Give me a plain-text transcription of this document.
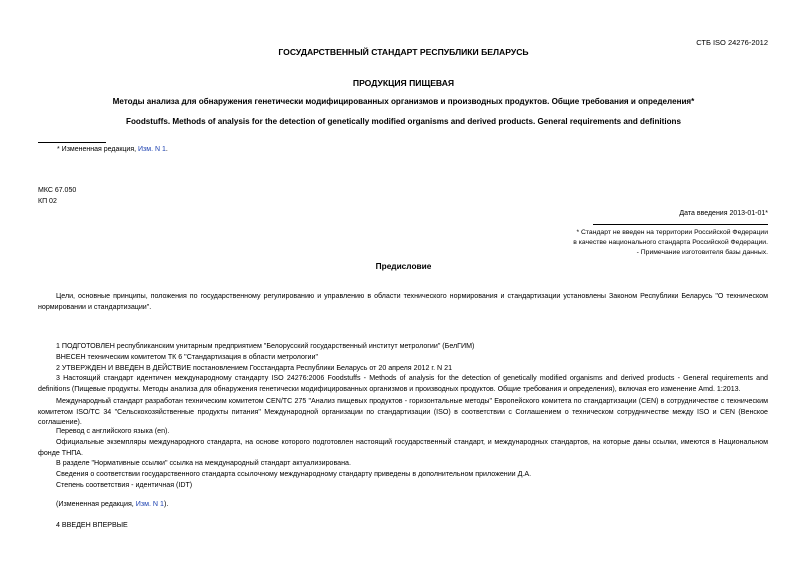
СТБ ISO 24276-2012
ГОСУДАРСТВЕННЫЙ СТАНДАРТ РЕСПУБЛИКИ БЕЛАРУСЬ
ПРОДУКЦИЯ ПИЩЕВАЯ
Методы анализа для обнаружения генетически модифицированных организмов и производных продуктов. Общие требования и определения*
Foodstuffs. Methods of analysis for the detection of genetically modified organisms and derived products. General requirements and definitions
* Измененная редакция, Изм. N 1.
МКС 67.050
КП 02
Дата введения 2013-01-01*
* Стандарт не введен на территории Российской Федерации
в качестве национального стандарта Российской Федерации.
- Примечание изготовителя базы данных.
Предисловие
Цели, основные принципы, положения по государственному регулированию и управлению в области технического нормирования и стандартизации установлены Законом Республики Беларусь "О техническом нормировании и стандартизации".
1 ПОДГОТОВЛЕН республиканским унитарным предприятием "Белорусский государственный институт метрологии" (БелГИМ)
ВНЕСЕН техническим комитетом ТК 6 "Стандартизация в области метрологии"
2 УТВЕРЖДЕН И ВВЕДЕН В ДЕЙСТВИЕ постановлением Госстандарта Республики Беларусь от 20 апреля 2012 г. N 21
3 Настоящий стандарт идентичен международному стандарту ISO 24276:2006 Foodstuffs - Methods of analysis for the detection of genetically modified organisms and derived products - General requirements and definitions (Пищевые продукты. Методы анализа для обнаружения генетически модифицированных организмов и производных продуктов. Общие требования и определения), включая его изменение Amd. 1:2013.
Международный стандарт разработан техническим комитетом CEN/TC 275 "Анализ пищевых продуктов - горизонтальные методы" Европейского комитета по стандартизации (CEN) в сотрудничестве с техническим комитетом ISO/TC 34 "Сельскохозяйственные продукты питания" Международной организации по стандартизации (ISO) в соответствии с Соглашением о техническом сотрудничестве между ISO и CEN (Венское соглашение).
Перевод с английского языка (en).
Официальные экземпляры международного стандарта, на основе которого подготовлен настоящий государственный стандарт, и международных стандартов, на которые даны ссылки, имеются в Национальном фонде ТНПА.
В разделе "Нормативные ссылки" ссылка на международный стандарт актуализирована.
Сведения о соответствии государственного стандарта ссылочному международному стандарту приведены в дополнительном приложении Д.А.
Степень соответствия - идентичная (IDT)
(Измененная редакция, Изм. N 1).
4 ВВЕДЕН ВПЕРВЫЕ
